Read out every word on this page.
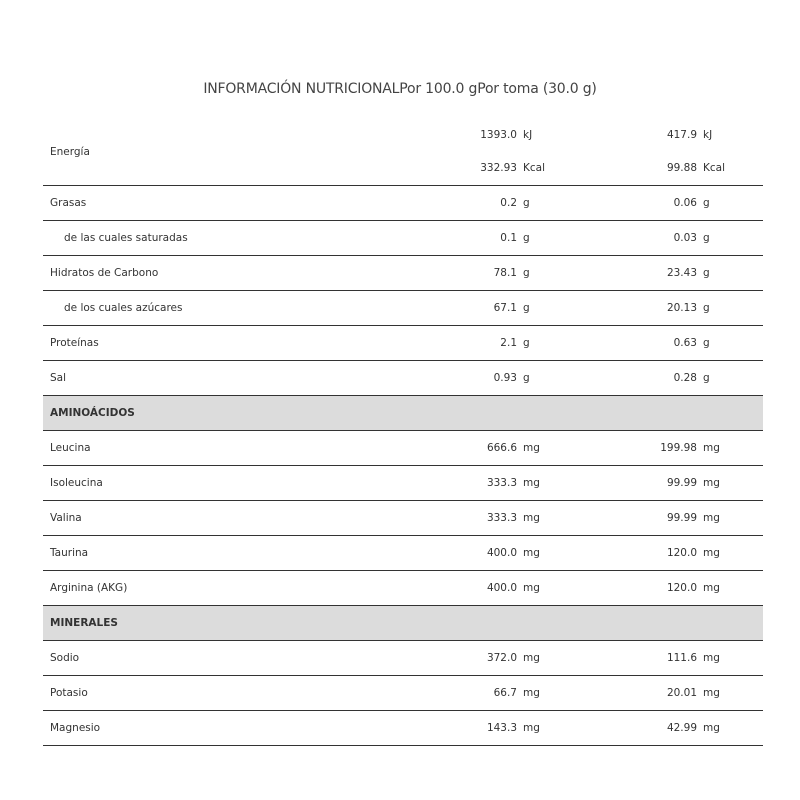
INFORMACIÓN NUTRICIONALPor 100.0 gPor toma (30.0 g)
Energía
1393.0 kJ	417.9 kJ
332.93 Kcal	99.88 Kcal
Grasas	0.2 g	0.06 g
de las cuales saturadas	0.1 g	0.03 g
Hidratos de Carbono	78.1 g	23.43 g
de los cuales azúcares	67.1 g	20.13 g
Proteínas	2.1 g	0.63 g
Sal	0.93 g	0.28 g
AMINOÁCIDOS
Leucina	666.6 mg	199.98 mg
Isoleucina	333.3 mg	99.99 mg
Valina	333.3 mg	99.99 mg
Taurina	400.0 mg	120.0 mg
Arginina (AKG)	400.0 mg	120.0 mg
MINERALES
Sodio	372.0 mg	111.6 mg
Potasio	66.7 mg	20.01 mg
Magnesio	143.3 mg	42.99 mg
